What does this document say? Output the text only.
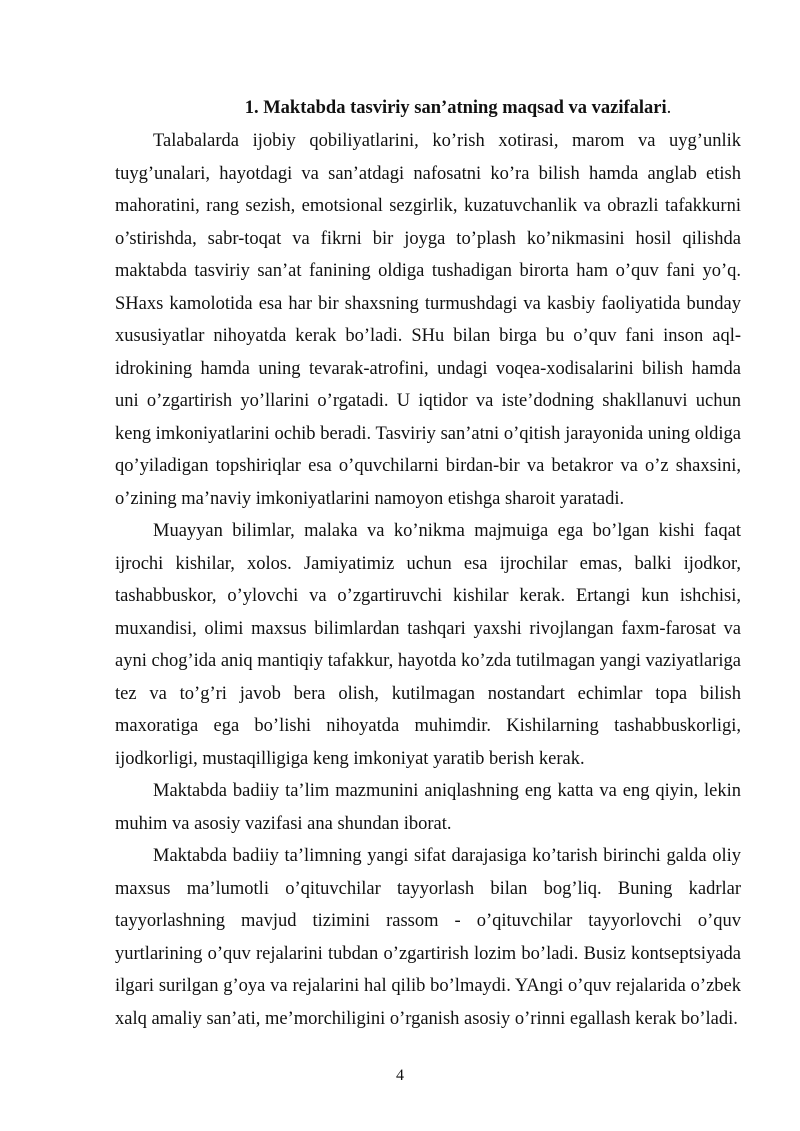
1. Maktabda tasviriy san’atning maqsad va vazifalari.

Talabalarda ijobiy qobiliyatlarini, ko’rish xotirasi, marom va uyg’unlik tuyg’unalari, hayotdagi va san’atdagi nafosatni ko’ra bilish hamda anglab etish mahoratini, rang sezish, emotsional sezgirlik, kuzatuvchanlik va obrazli tafakkurni o’stirishda, sabr-toqat va fikrni bir joyga to’plash ko’nikmasini hosil qilishda maktabda tasviriy san’at fanining oldiga tushadigan birorta ham o’quv fani yo’q. SHaxs kamolotida esa har bir shaxsning turmushdagi va kasbiy faoliyatida bunday xususiyatlar nihoyatda kerak bo’ladi. SHu bilan birga bu o’quv fani inson aql-idrokining hamda uning tevarak-atrofini, undagi voqea-xodisalarini bilish hamda uni o’zgartirish yo’llarini o’rgatadi. U iqtidor va iste’dodning shakllanuvi uchun keng imkoniyatlarini ochib beradi. Tasviriy san’atni o’qitish jarayonida uning oldiga qo’yiladigan topshiriqlar esa o’quvchilarni birdan-bir va betakror va o’z shaxsini, o’zining ma’naviy imkoniyatlarini namoyon etishga sharoit yaratadi.

Muayyan bilimlar, malaka va ko’nikma majmuiga ega bo’lgan kishi faqat ijrochi kishilar, xolos. Jamiyatimiz uchun esa ijrochilar emas, balki ijodkor, tashabbuskor, o’ylovchi va o’zgartiruvchi kishilar kerak. Ertangi kun ishchisi, muxandisi, olimi maxsus bilimlardan tashqari yaxshi rivojlangan faxm-farosat va ayni chog’ida aniq mantiqiy tafakkur, hayotda ko’zda tutilmagan yangi vaziyatlariga tez va to’g’ri javob bera olish, kutilmagan nostandart echimlar topa bilish maxoratiga ega bo’lishi nihoyatda muhimdir. Kishilarning tashabbuskorligi, ijodkorligi, mustaqilligiga keng imkoniyat yaratib berish kerak.

Maktabda badiiy ta’lim mazmunini aniqlashning eng katta va eng qiyin, lekin muhim va asosiy vazifasi ana shundan iborat.

Maktabda badiiy ta’limning yangi sifat darajasiga ko’tarish birinchi galda oliy maxsus ma’lumotli o’qituvchilar tayyorlash bilan bog’liq. Buning kadrlar tayyorlashning mavjud tizimini rassom - o’qituvchilar tayyorlovchi o’quv yurtlarining o’quv rejalarini tubdan o’zgartirish lozim bo’ladi. Busiz kontseptsiyada ilgari surilgan g’oya va rejalarini hal qilib bo’lmaydi. YAngi o’quv rejalarida o’zbek xalq amaliy san’ati, me’morchiligini o’rganish asosiy o’rinni egallash kerak bo’ladi.

4
